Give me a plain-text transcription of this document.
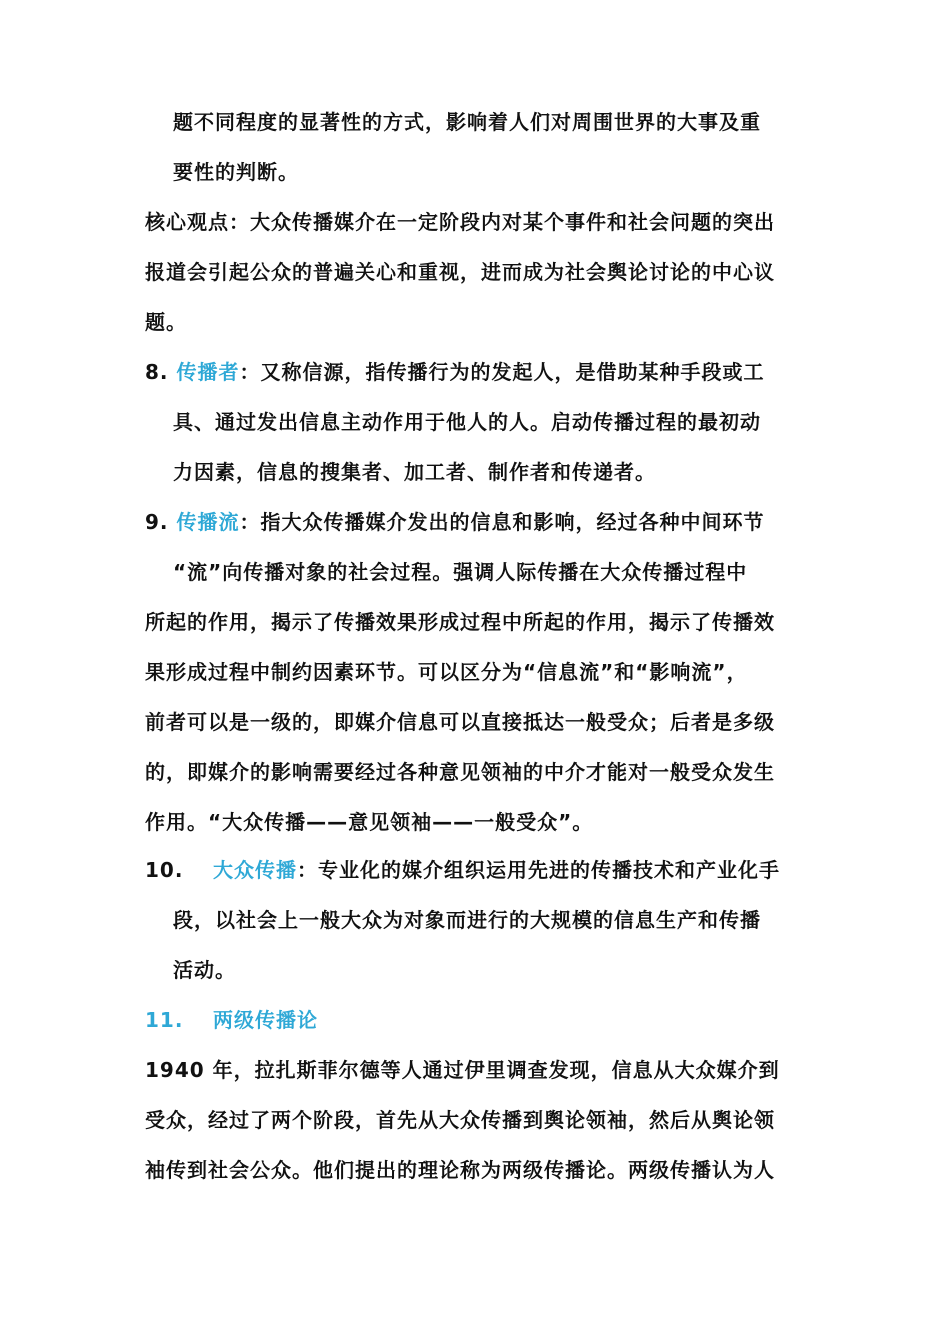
题不同程度的显著性的方式，影响着人们对周围世界的大事及重
要性的判断。
核心观点：大众传播媒介在一定阶段内对某个事件和社会问题的突出
报道会引起公众的普遍关心和重视，进而成为社会舆论讨论的中心议
题。
8. 传播者：又称信源，指传播行为的发起人，是借助某种手段或工
具、通过发出信息主动作用于他人的人。启动传播过程的最初动
力因素，信息的搜集者、加工者、制作者和传递者。
9. 传播流：指大众传播媒介发出的信息和影响，经过各种中间环节
“流”向传播对象的社会过程。强调人际传播在大众传播过程中
所起的作用，揭示了传播效果形成过程中所起的作用，揭示了传播效
果形成过程中制约因素环节。可以区分为“信息流”和“影响流”，
前者可以是一级的，即媒介信息可以直接抵达一般受众；后者是多级
的，即媒介的影响需要经过各种意见领袖的中介才能对一般受众发生
作用。“大众传播——意见领袖——一般受众”。
10. 大众传播：专业化的媒介组织运用先进的传播技术和产业化手
段，以社会上一般大众为对象而进行的大规模的信息生产和传播
活动。
11. 两级传播论
1940 年，拉扎斯菲尔德等人通过伊里调查发现，信息从大众媒介到
受众，经过了两个阶段，首先从大众传播到舆论领袖，然后从舆论领
袖传到社会公众。他们提出的理论称为两级传播论。两级传播认为人
